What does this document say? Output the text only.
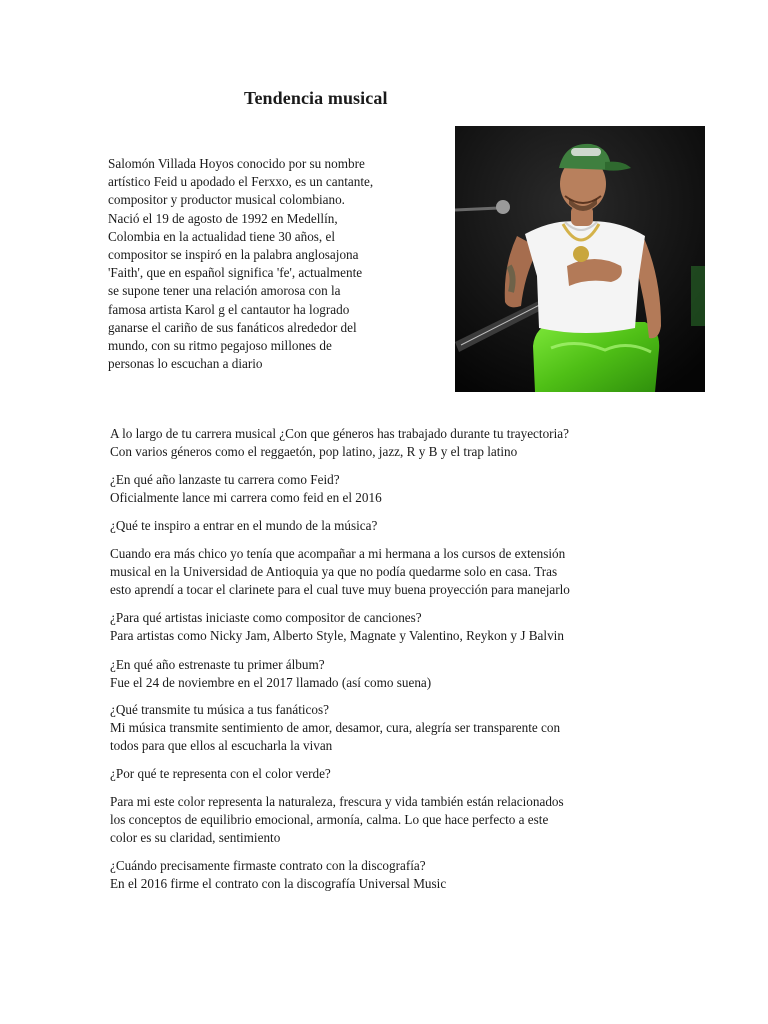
Tendencia musical
Salomón Villada Hoyos conocido por su nombre
artístico Feid u apodado el Ferxxo, es un cantante,
compositor y productor musical colombiano.
Nació el 19 de agosto de 1992 en Medellín,
Colombia en la actualidad tiene 30 años, el
compositor se inspiró en la palabra anglosajona
'Faith', que en español significa 'fe', actualmente
se supone tener una relación amorosa con la
famosa artista Karol g el cantautor ha logrado
ganarse el cariño de sus fanáticos alrededor del
mundo, con su ritmo pegajoso millones de
personas lo escuchan a diario
A lo largo de tu carrera musical ¿Con que géneros has trabajado durante tu trayectoria?
Con varios géneros como el reggaetón, pop latino, jazz, R y B y el trap latino
¿En qué año lanzaste tu carrera como Feid?
Oficialmente lance mi carrera como feid en el 2016
¿Qué te inspiro a entrar en el mundo de la música?
Cuando era más chico yo tenía que acompañar a mi hermana a los cursos de extensión
musical en la Universidad de Antioquia ya que no podía quedarme solo en casa. Tras
esto aprendí a tocar el clarinete para el cual tuve muy buena proyección para manejarlo
¿Para qué artistas iniciaste como compositor de canciones?
Para artistas como Nicky Jam, Alberto Style, Magnate y Valentino, Reykon y J Balvin
¿En qué año estrenaste tu primer álbum?
Fue el 24 de noviembre en el 2017 llamado (así como suena)
¿Qué transmite tu música a tus fanáticos?
Mi música transmite sentimiento de amor, desamor, cura, alegría ser transparente con
todos para que ellos al escucharla la vivan
¿Por qué te representa con el color verde?
Para mi este color representa la naturaleza, frescura y vida también están relacionados
los conceptos de equilibrio emocional, armonía, calma. Lo que hace perfecto a este
color es su claridad, sentimiento
¿Cuándo precisamente firmaste contrato con la discografía?
En el 2016 firme el contrato con la discografía Universal Music
